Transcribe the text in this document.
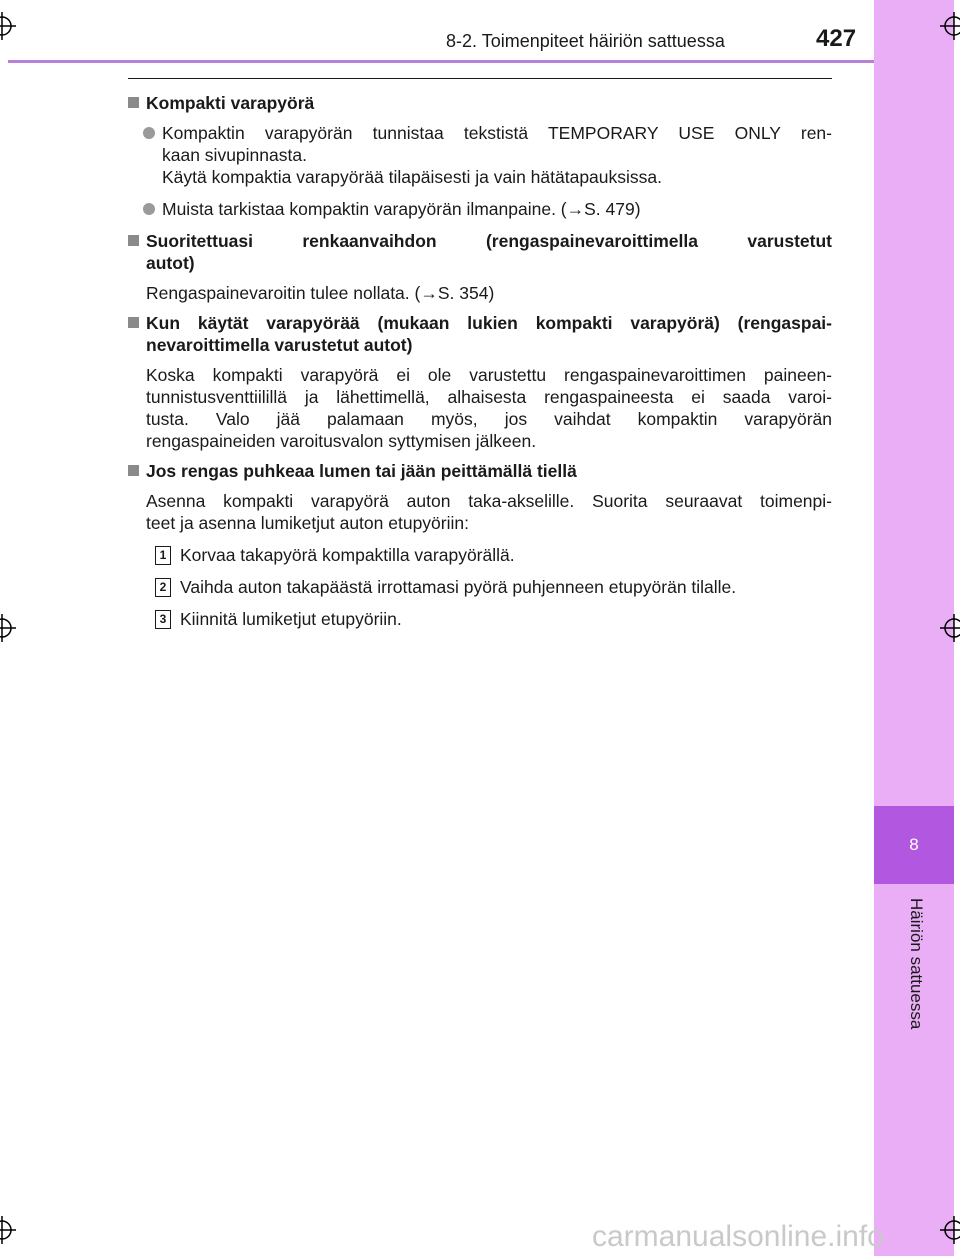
8
Häiriön sattuessa
8-2. Toimenpiteet häiriön sattuessa	427
Kompakti varapyörä
Kompaktin varapyörän tunnistaa tekstistä TEMPORARY USE ONLY ren-
kaan sivupinnasta.
Käytä kompaktia varapyörää tilapäisesti ja vain hätätapauksissa.
Muista tarkistaa kompaktin varapyörän ilmanpaine. (→S. 479)
Suoritettuasi renkaanvaihdon (rengaspainevaroittimella varustetut
autot)
Rengaspainevaroitin tulee nollata. (→S. 354)
Kun käytät varapyörää (mukaan lukien kompakti varapyörä) (rengaspai-
nevaroittimella varustetut autot)
Koska kompakti varapyörä ei ole varustettu rengaspainevaroittimen paineen-
tunnistusventtiilillä ja lähettimellä, alhaisesta rengaspaineesta ei saada varoi-
tusta. Valo jää palamaan myös, jos vaihdat kompaktin varapyörän
rengaspaineiden varoitusvalon syttymisen jälkeen.
Jos rengas puhkeaa lumen tai jään peittämällä tiellä
Asenna kompakti varapyörä auton taka-akselille. Suorita seuraavat toimenpi-
teet ja asenna lumiketjut auton etupyöriin:
1 Korvaa takapyörä kompaktilla varapyörällä.
2 Vaihda auton takapäästä irrottamasi pyörä puhjenneen etupyörän tilalle.
3 Kiinnitä lumiketjut etupyöriin.
carmanualsonline.info
